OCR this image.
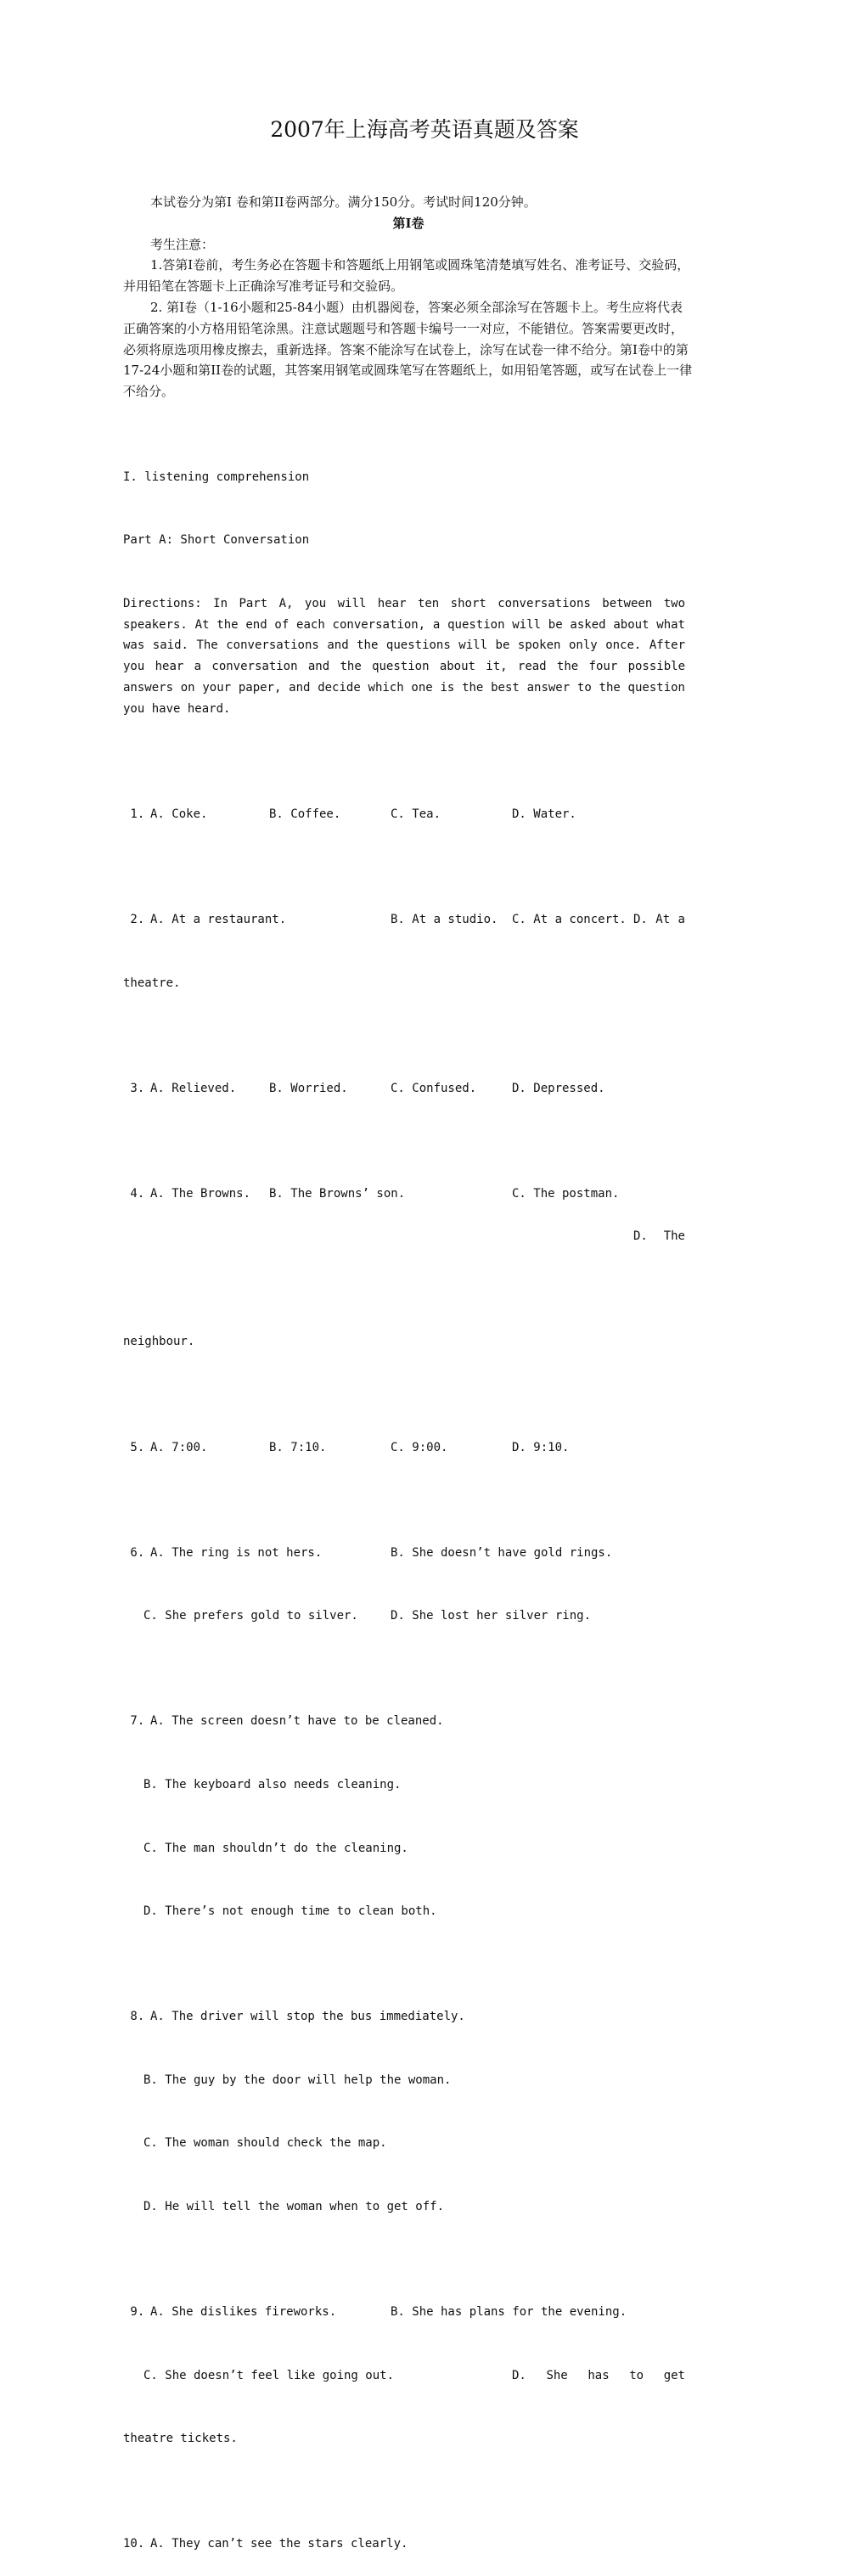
2007年上海高考英语真题及答案
本试卷分为第I 卷和第II卷两部分。满分150分。考试时间120分钟。
第I卷
考生注意：
1.答第I卷前，考生务必在答题卡和答题纸上用钢笔或圆珠笔清楚填写姓名、准考证号、交验码，并用铅笔在答题卡上正确涂写准考证号和交验码。
2. 第I卷（1-16小题和25-84小题）由机器阅卷，答案必须全部涂写在答题卡上。考生应将代表正确答案的小方格用铅笔涂黑。注意试题题号和答题卡编号一一对应，不能错位。答案需要更改时，必须将原选项用橡皮擦去，重新选择。答案不能涂写在试卷上，涂写在试卷一律不给分。第I卷中的第17-24小题和第II卷的试题，其答案用钢笔或圆珠笔写在答题纸上，如用铅笔答题，或写在试卷上一律不给分。

I. listening comprehension

Part A: Short Conversation

Directions: In Part A, you will hear ten short conversations between two speakers. At the end of each conversation, a question will be asked about what was said. The conversations and the questions will be spoken only once. After you hear a conversation and the question about it, read the four possible answers on your paper, and decide which one is the best answer to the question you have heard.

1.
A. Coke.	B. Coffee.	C. Tea.	D. Water.

2.
A. At a restaurant.	B. At a studio.	C. At a concert. D. At a

theatre.

3.
A. Relieved.	B. Worried.	C. Confused.	D. Depressed.

4.
A. The Browns.	B. The Browns’ son.	C. The postman.

D. The

neighbour.

5.
A. 7:00.	B. 7:10.	C. 9:00.	D. 9:10.

6.
A. The ring is not hers.	B. She doesn’t have gold rings.

C. She prefers gold to silver.	D. She lost her silver ring.

7.
A. The screen doesn’t have to be cleaned.

B. The keyboard also needs cleaning.

C. The man shouldn’t do the cleaning.

D. There’s not enough time to clean both.

8.
A. The driver will stop the bus immediately.

B. The guy by the door will help the woman.

C. The woman should check the map.

D. He will tell the woman when to get off.

9.
A. She dislikes fireworks.	B. She has plans for the evening.

C. She doesn’t feel like going out.	D. She has to get

theatre tickets.

10.
A. They can’t see the stars clearly.
